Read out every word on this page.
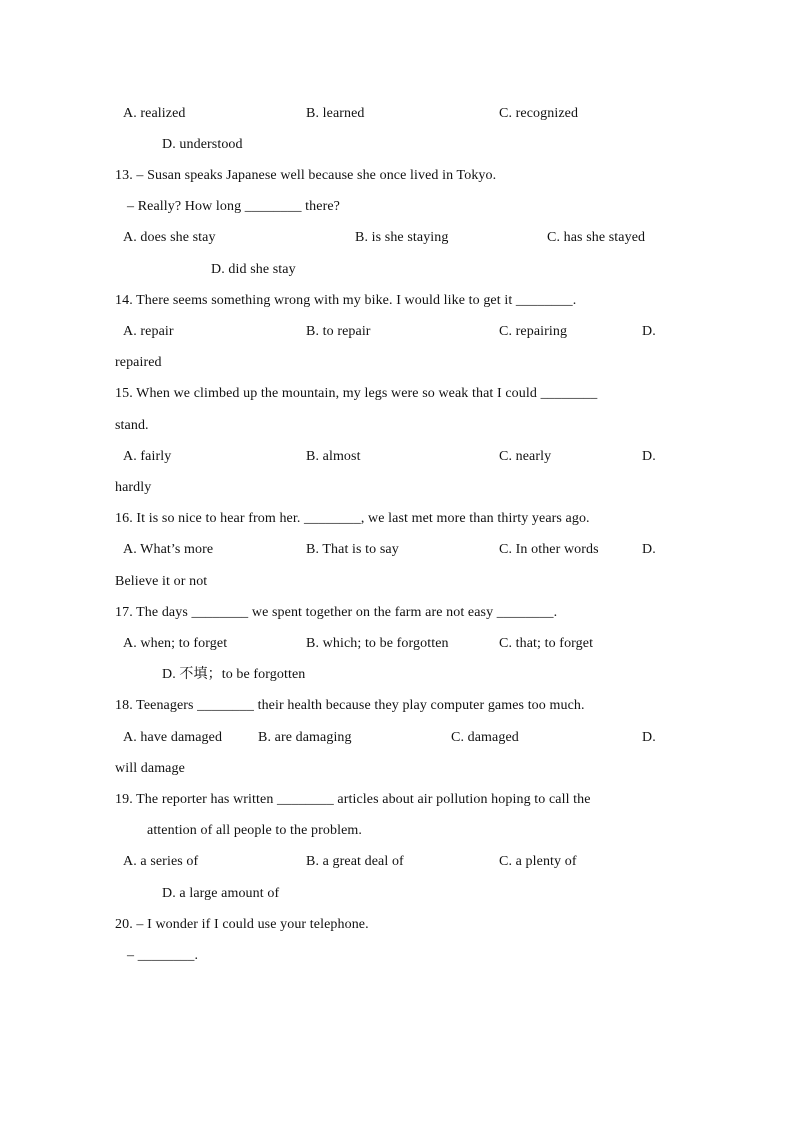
A. realized	B. learned	C. recognized
D. understood
13. – Susan speaks Japanese well because she once lived in Tokyo.
– Really? How long ________ there?
A. does she stay	B. is she staying	C. has she stayed
D. did she stay
14. There seems something wrong with my bike. I would like to get it ________.
A. repair	B. to repair	C. repairing	D.
repaired
15. When we climbed up the mountain, my legs were so weak that I could ________
stand.
A. fairly	B. almost	C. nearly	D.
hardly
16. It is so nice to hear from her. ________, we last met more than thirty years ago.
A. What’s more	B. That is to say	C. In other words	D.
Believe it or not
17. The days ________ we spent together on the farm are not easy ________.
A. when; to forget	B. which; to be forgotten	C. that; to forget
D. 不填；to be forgotten
18. Teenagers ________ their health because they play computer games too much.
A. have damaged	B. are damaging	C. damaged	D.
will damage
19. The reporter has written ________ articles about air pollution hoping to call the
attention of all people to the problem.
A. a series of	B. a great deal of	C. a plenty of
D. a large amount of
20. – I wonder if I could use your telephone.
– ________.
